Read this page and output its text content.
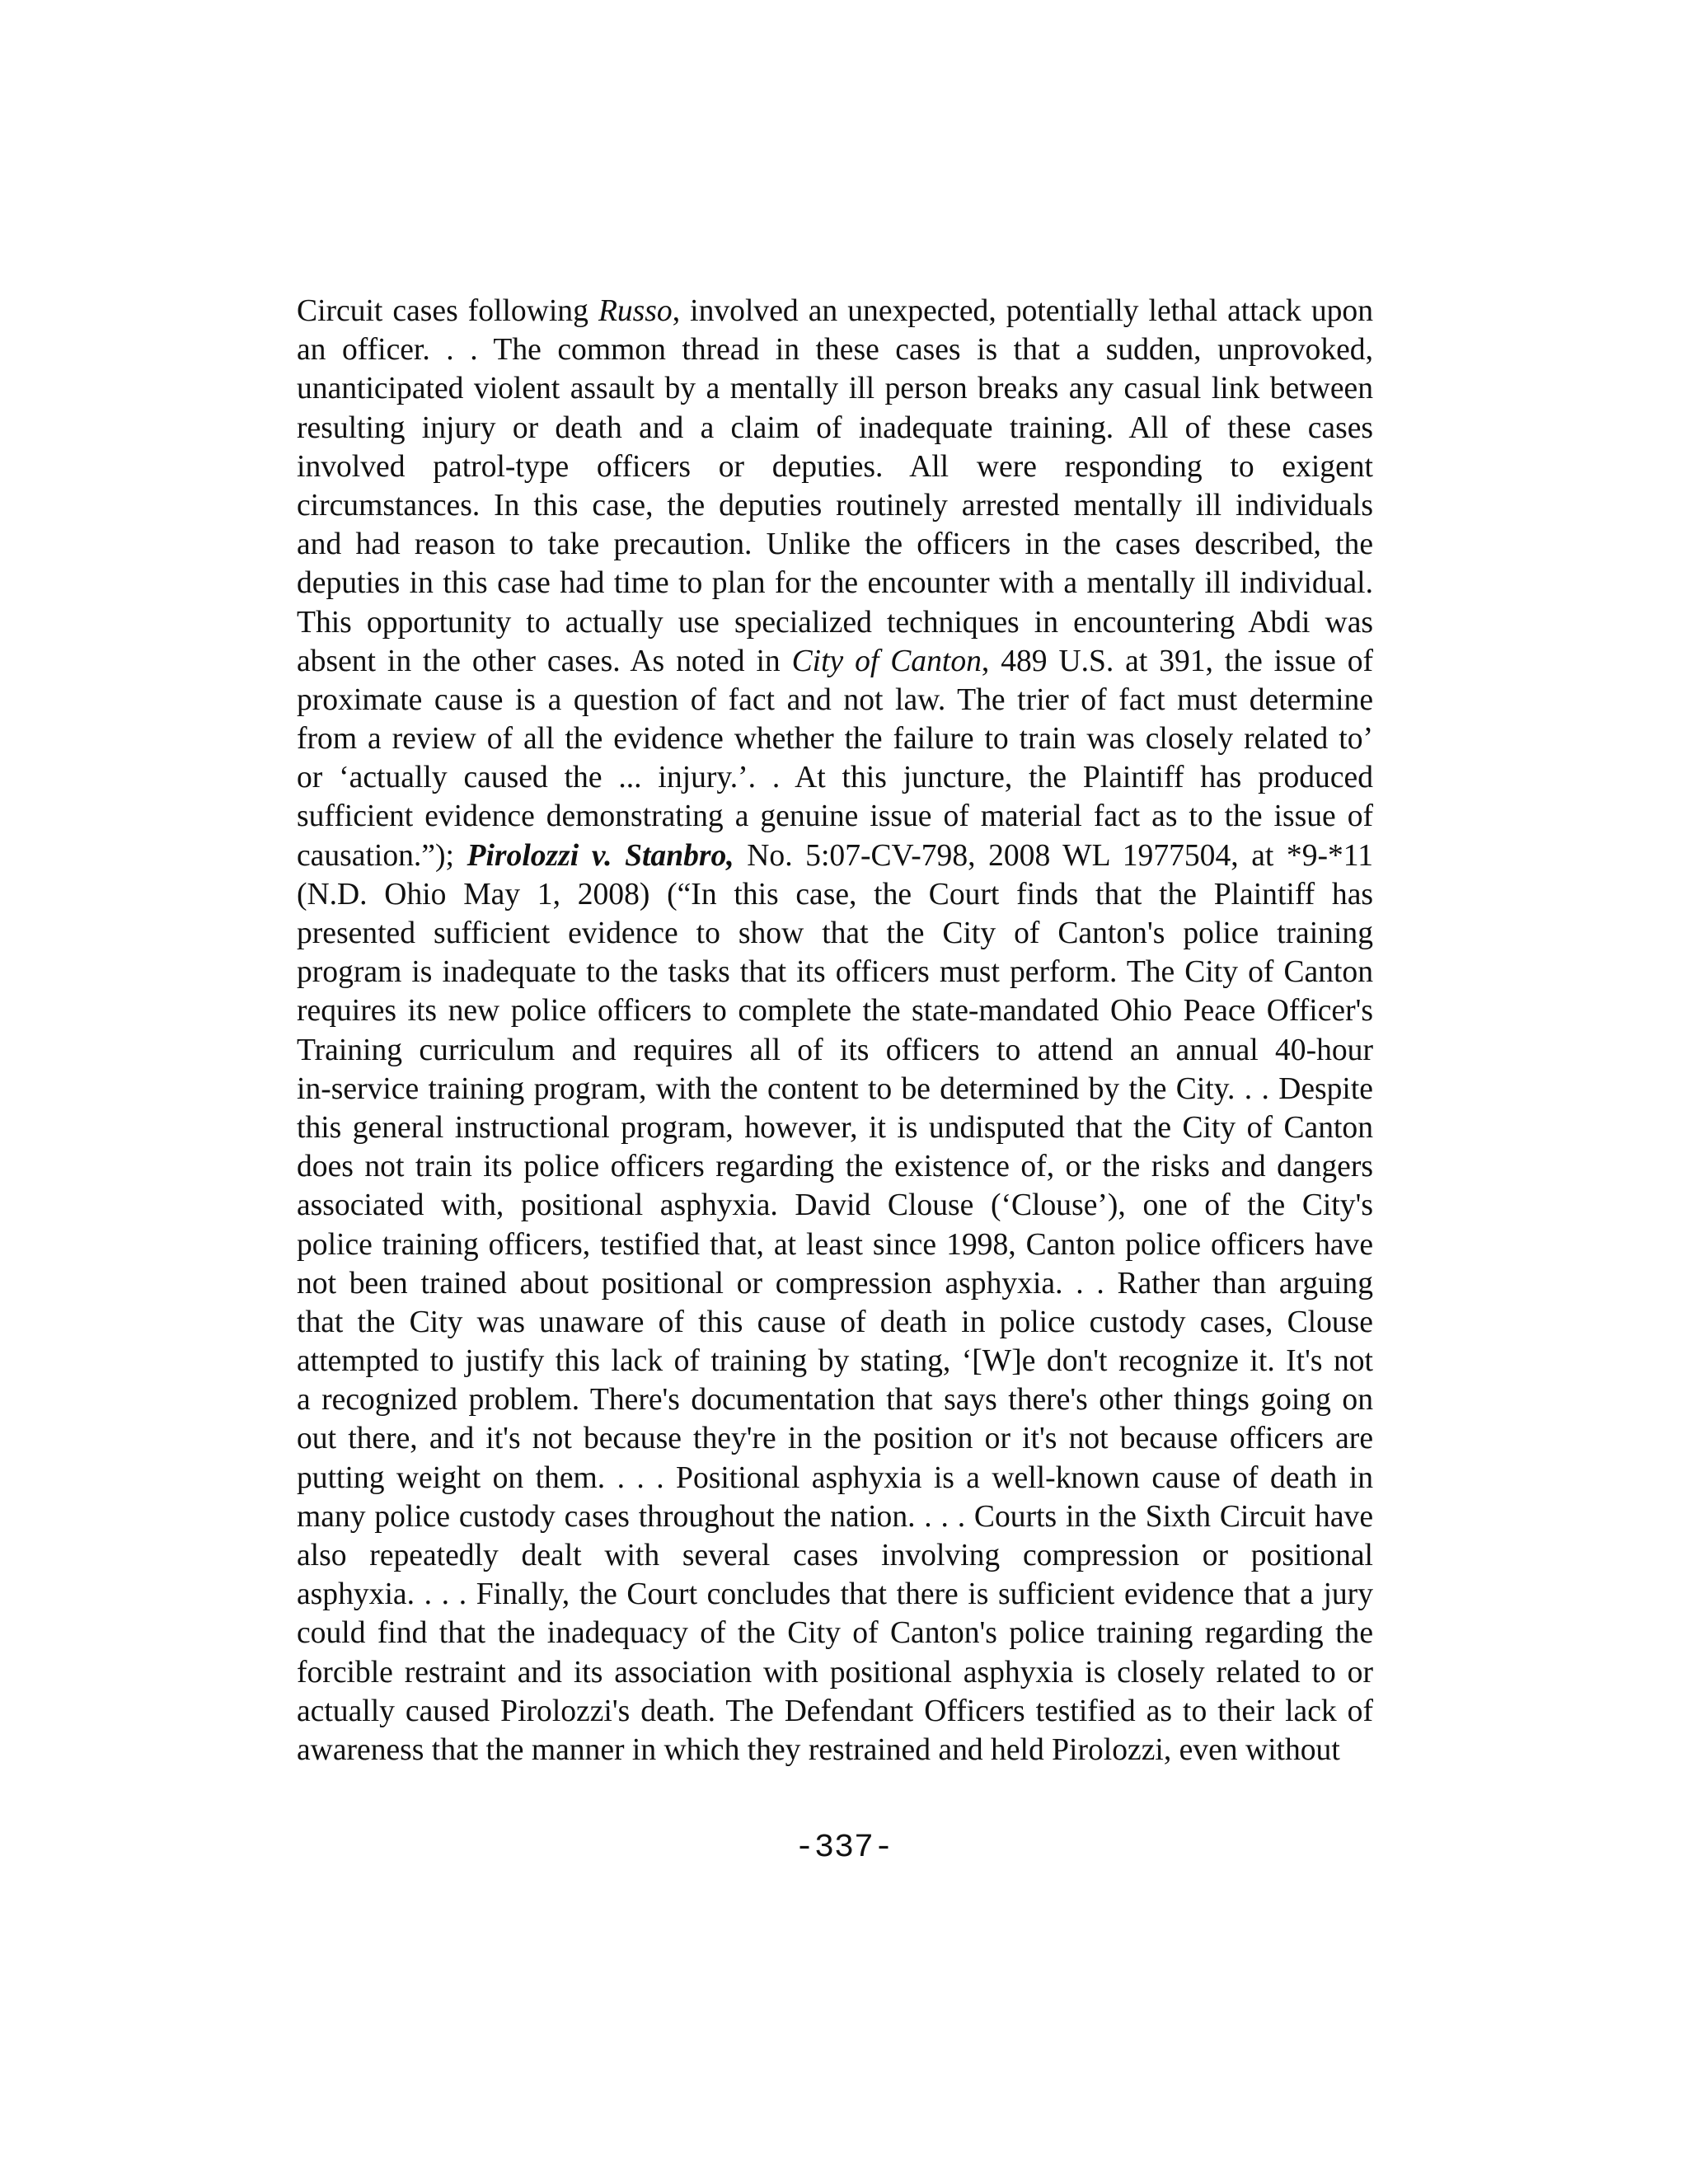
Circuit cases following Russo, involved an unexpected, potentially lethal attack upon
an officer. . . The common thread in these cases is that a sudden, unprovoked,
unanticipated violent assault by a mentally ill person breaks any casual link between
resulting injury or death and a claim of inadequate training. All of these cases
involved patrol-type officers or deputies. All were responding to exigent
circumstances. In this case, the deputies routinely arrested mentally ill individuals
and had reason to take precaution. Unlike the officers in the cases described, the
deputies in this case had time to plan for the encounter with a mentally ill individual.
This opportunity to actually use specialized techniques in encountering Abdi was
absent in the other cases. As noted in City of Canton, 489 U.S. at 391, the issue of
proximate cause is a question of fact and not law. The trier of fact must determine
from a review of all the evidence whether the failure to train was closely related to’
or ‘actually caused the ... injury.’. . At this juncture, the Plaintiff has produced
sufficient evidence demonstrating a genuine issue of material fact as to the issue of
causation.”); Pirolozzi v. Stanbro, No. 5:07-CV-798, 2008 WL 1977504, at *9-*11
(N.D. Ohio May 1, 2008) (“In this case, the Court finds that the Plaintiff has
presented sufficient evidence to show that the City of Canton's police training
program is inadequate to the tasks that its officers must perform. The City of Canton
requires its new police officers to complete the state-mandated Ohio Peace Officer's
Training curriculum and requires all of its officers to attend an annual 40-hour
in-service training program, with the content to be determined by the City. . . Despite
this general instructional program, however, it is undisputed that the City of Canton
does not train its police officers regarding the existence of, or the risks and dangers
associated with, positional asphyxia. David Clouse (‘Clouse’), one of the City's
police training officers, testified that, at least since 1998, Canton police officers have
not been trained about positional or compression asphyxia. . . Rather than arguing
that the City was unaware of this cause of death in police custody cases, Clouse
attempted to justify this lack of training by stating, ‘[W]e don't recognize it. It's not
a recognized problem. There's documentation that says there's other things going on
out there, and it's not because they're in the position or it's not because officers are
putting weight on them. . . . Positional asphyxia is a well-known cause of death in
many police custody cases throughout the nation. . . . Courts in the Sixth Circuit have
also repeatedly dealt with several cases involving compression or positional
asphyxia. . . . Finally, the Court concludes that there is sufficient evidence that a jury
could find that the inadequacy of the City of Canton's police training regarding the
forcible restraint and its association with positional asphyxia is closely related to or
actually caused Pirolozzi's death. The Defendant Officers testified as to their lack of
awareness that the manner in which they restrained and held Pirolozzi, even without
-337-
